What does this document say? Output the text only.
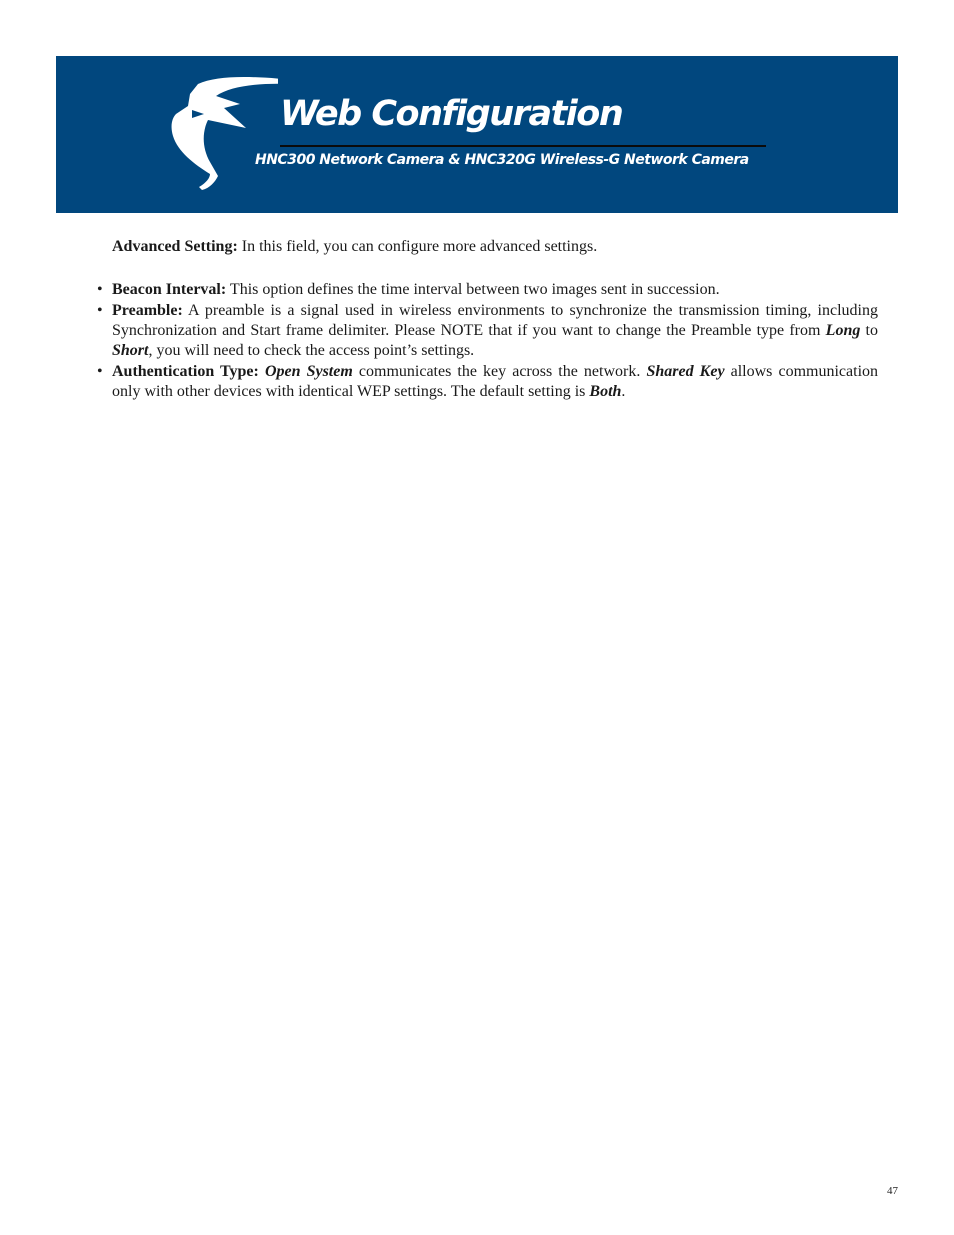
Web Configuration
HNC300 Network Camera & HNC320G Wireless-G Network Camera

Advanced Setting: In this field, you can configure more advanced settings.

• Beacon Interval: This option defines the time interval between two images sent in succession.
• Preamble: A preamble is a signal used in wireless environments to synchronize the transmission timing, including Synchronization and Start frame delimiter. Please NOTE that if you want to change the Preamble type from Long to Short, you will need to check the access point’s settings.
• Authentication Type: Open System communicates the key across the network. Shared Key allows communication only with other devices with identical WEP settings. The default setting is Both.
47
